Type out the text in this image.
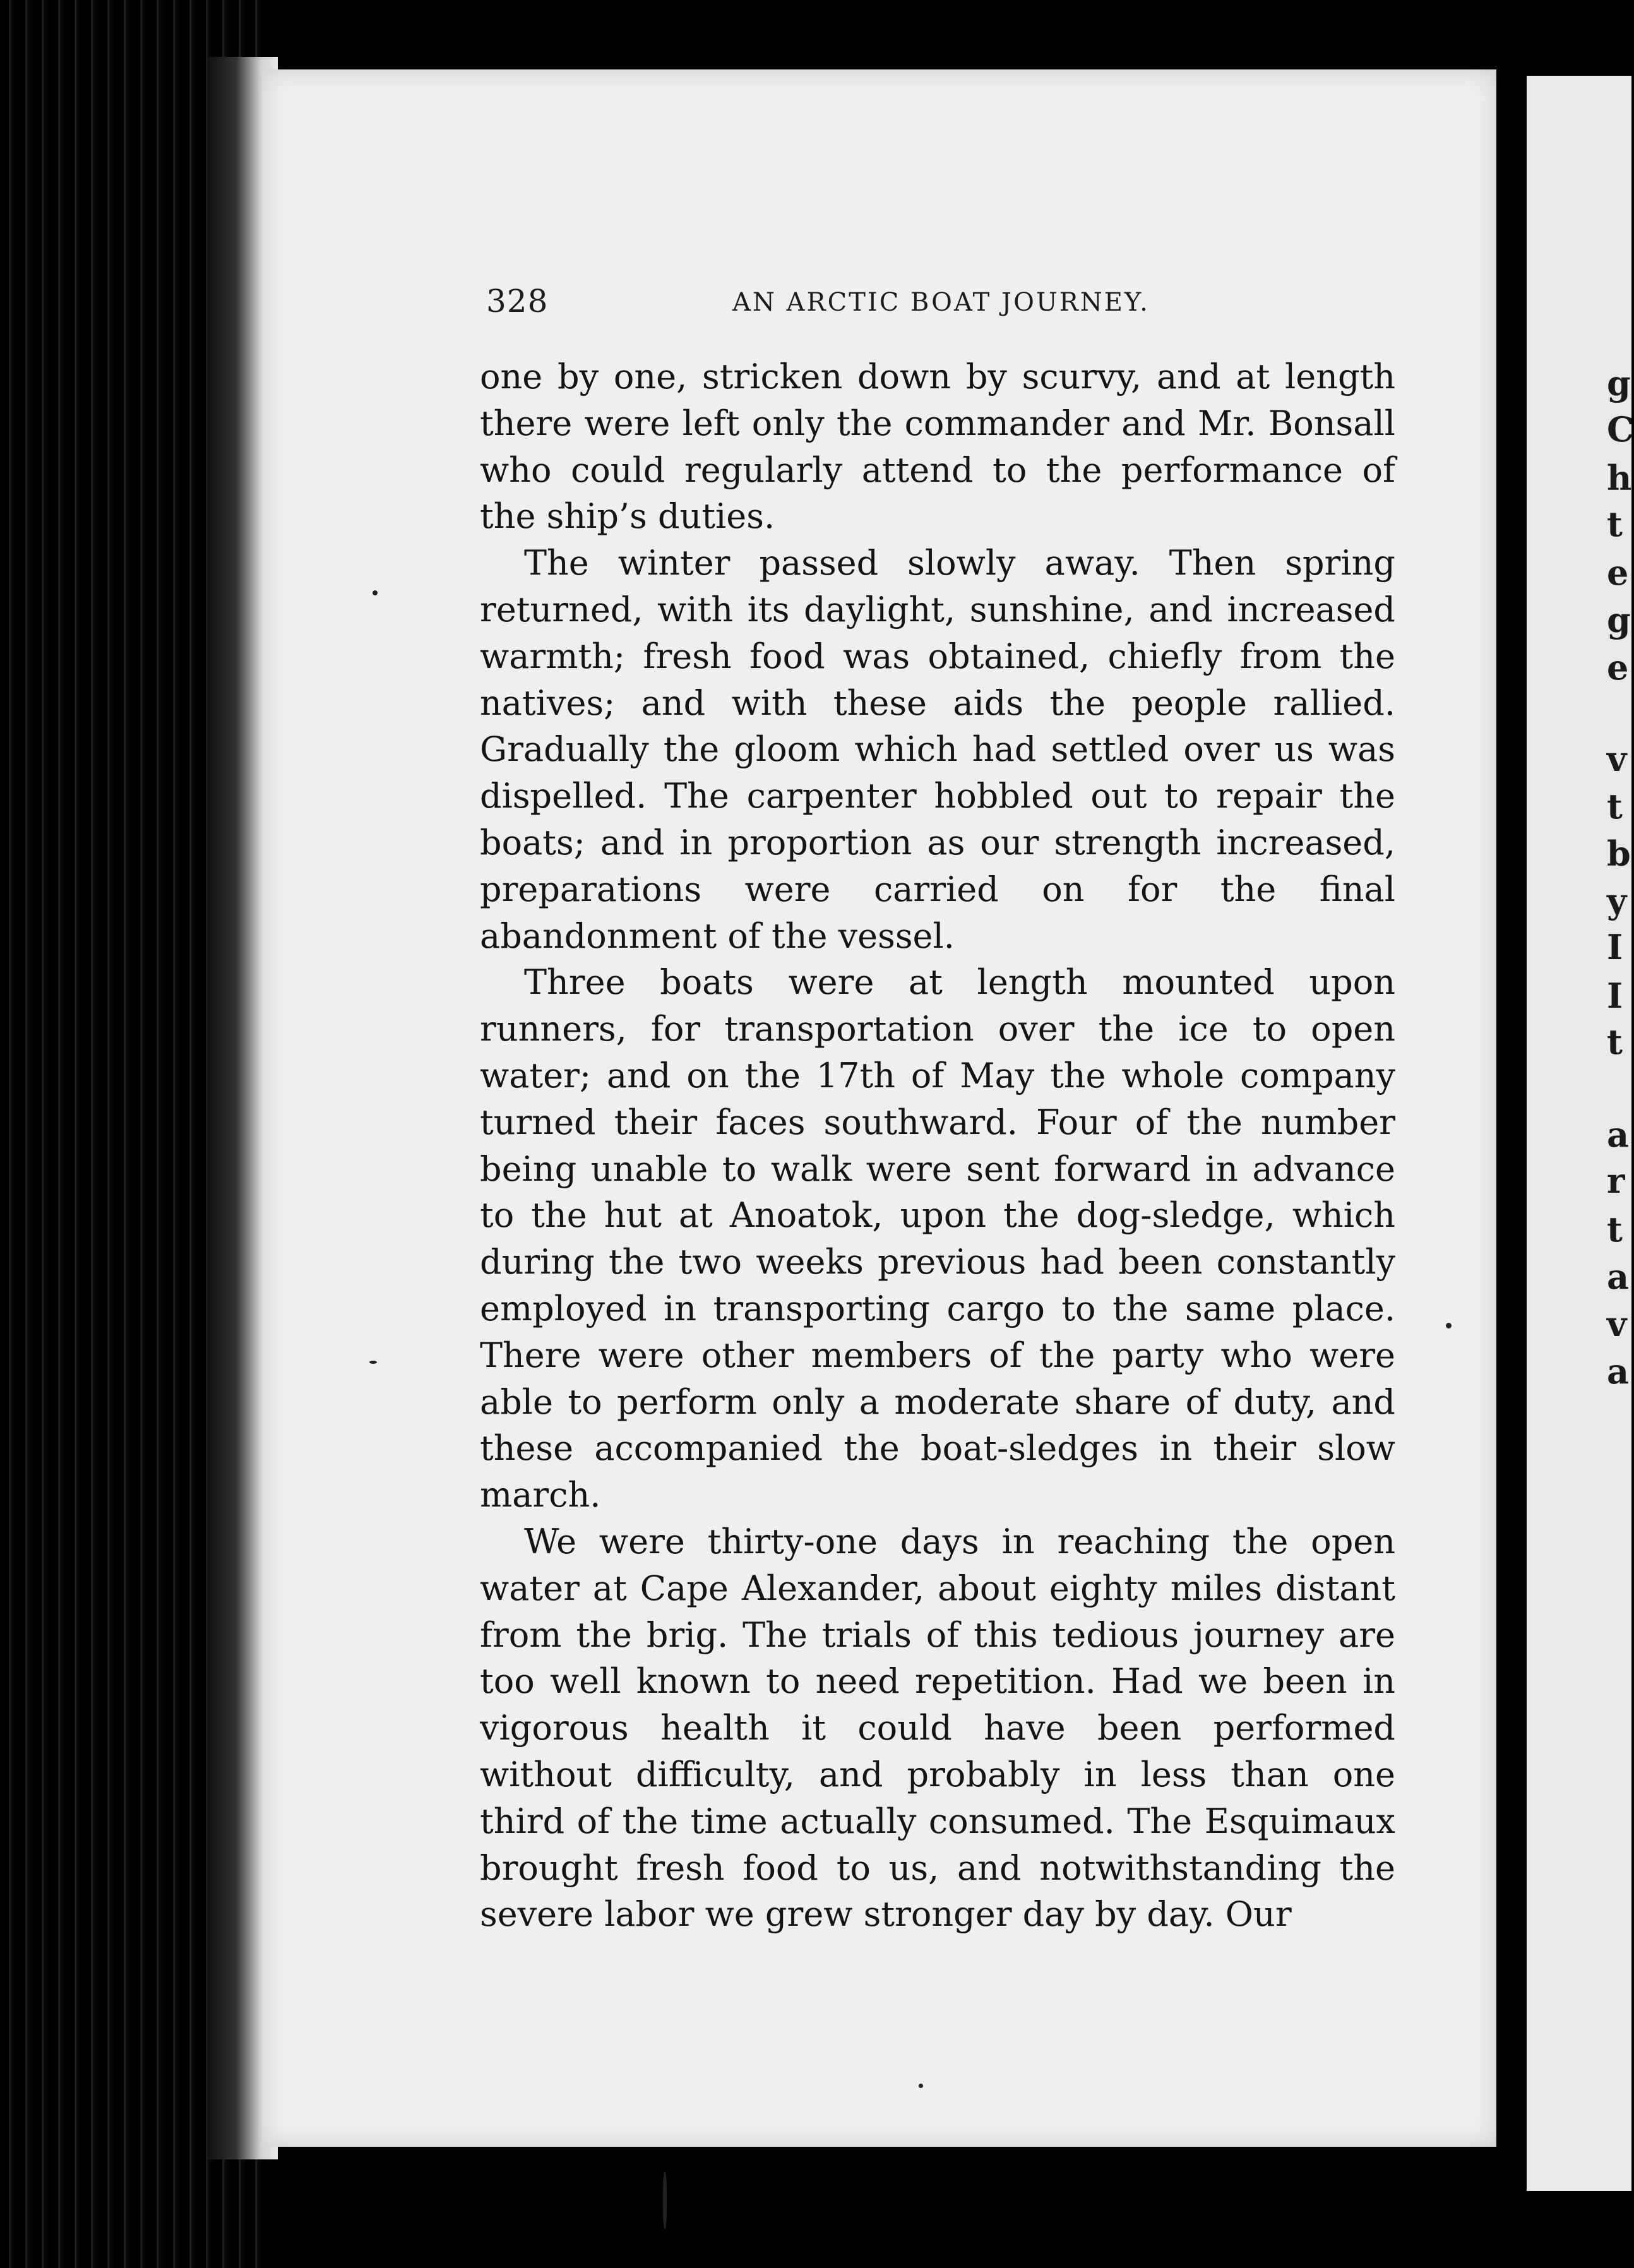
g
C
h
t
e
g
e
v
t
b
y
I
I
t
a
r
t
a
v
a
328	AN ARCTIC BOAT JOURNEY.

one by one, stricken down by scurvy, and at length there were left only the commander and Mr. Bonsall who could regularly attend to the performance of the ship’s duties.

The winter passed slowly away. Then spring returned, with its daylight, sunshine, and increased warmth; fresh food was obtained, chiefly from the natives; and with these aids the people rallied. Gradually the gloom which had settled over us was dispelled. The carpenter hobbled out to repair the boats; and in proportion as our strength increased, preparations were carried on for the final abandonment of the vessel.

Three boats were at length mounted upon runners, for transportation over the ice to open water; and on the 17th of May the whole company turned their faces southward. Four of the number being unable to walk were sent forward in advance to the hut at Anoatok, upon the dog-sledge, which during the two weeks previous had been constantly employed in transporting cargo to the same place. There were other members of the party who were able to perform only a moderate share of duty, and these accompanied the boat-sledges in their slow march.

We were thirty-one days in reaching the open water at Cape Alexander, about eighty miles distant from the brig. The trials of this tedious journey are too well known to need repetition. Had we been in vigorous health it could have been performed without difficulty, and probably in less than one third of the time actually consumed. The Esquimaux brought fresh food to us, and notwithstanding the severe labor we grew stronger day by day. Our
